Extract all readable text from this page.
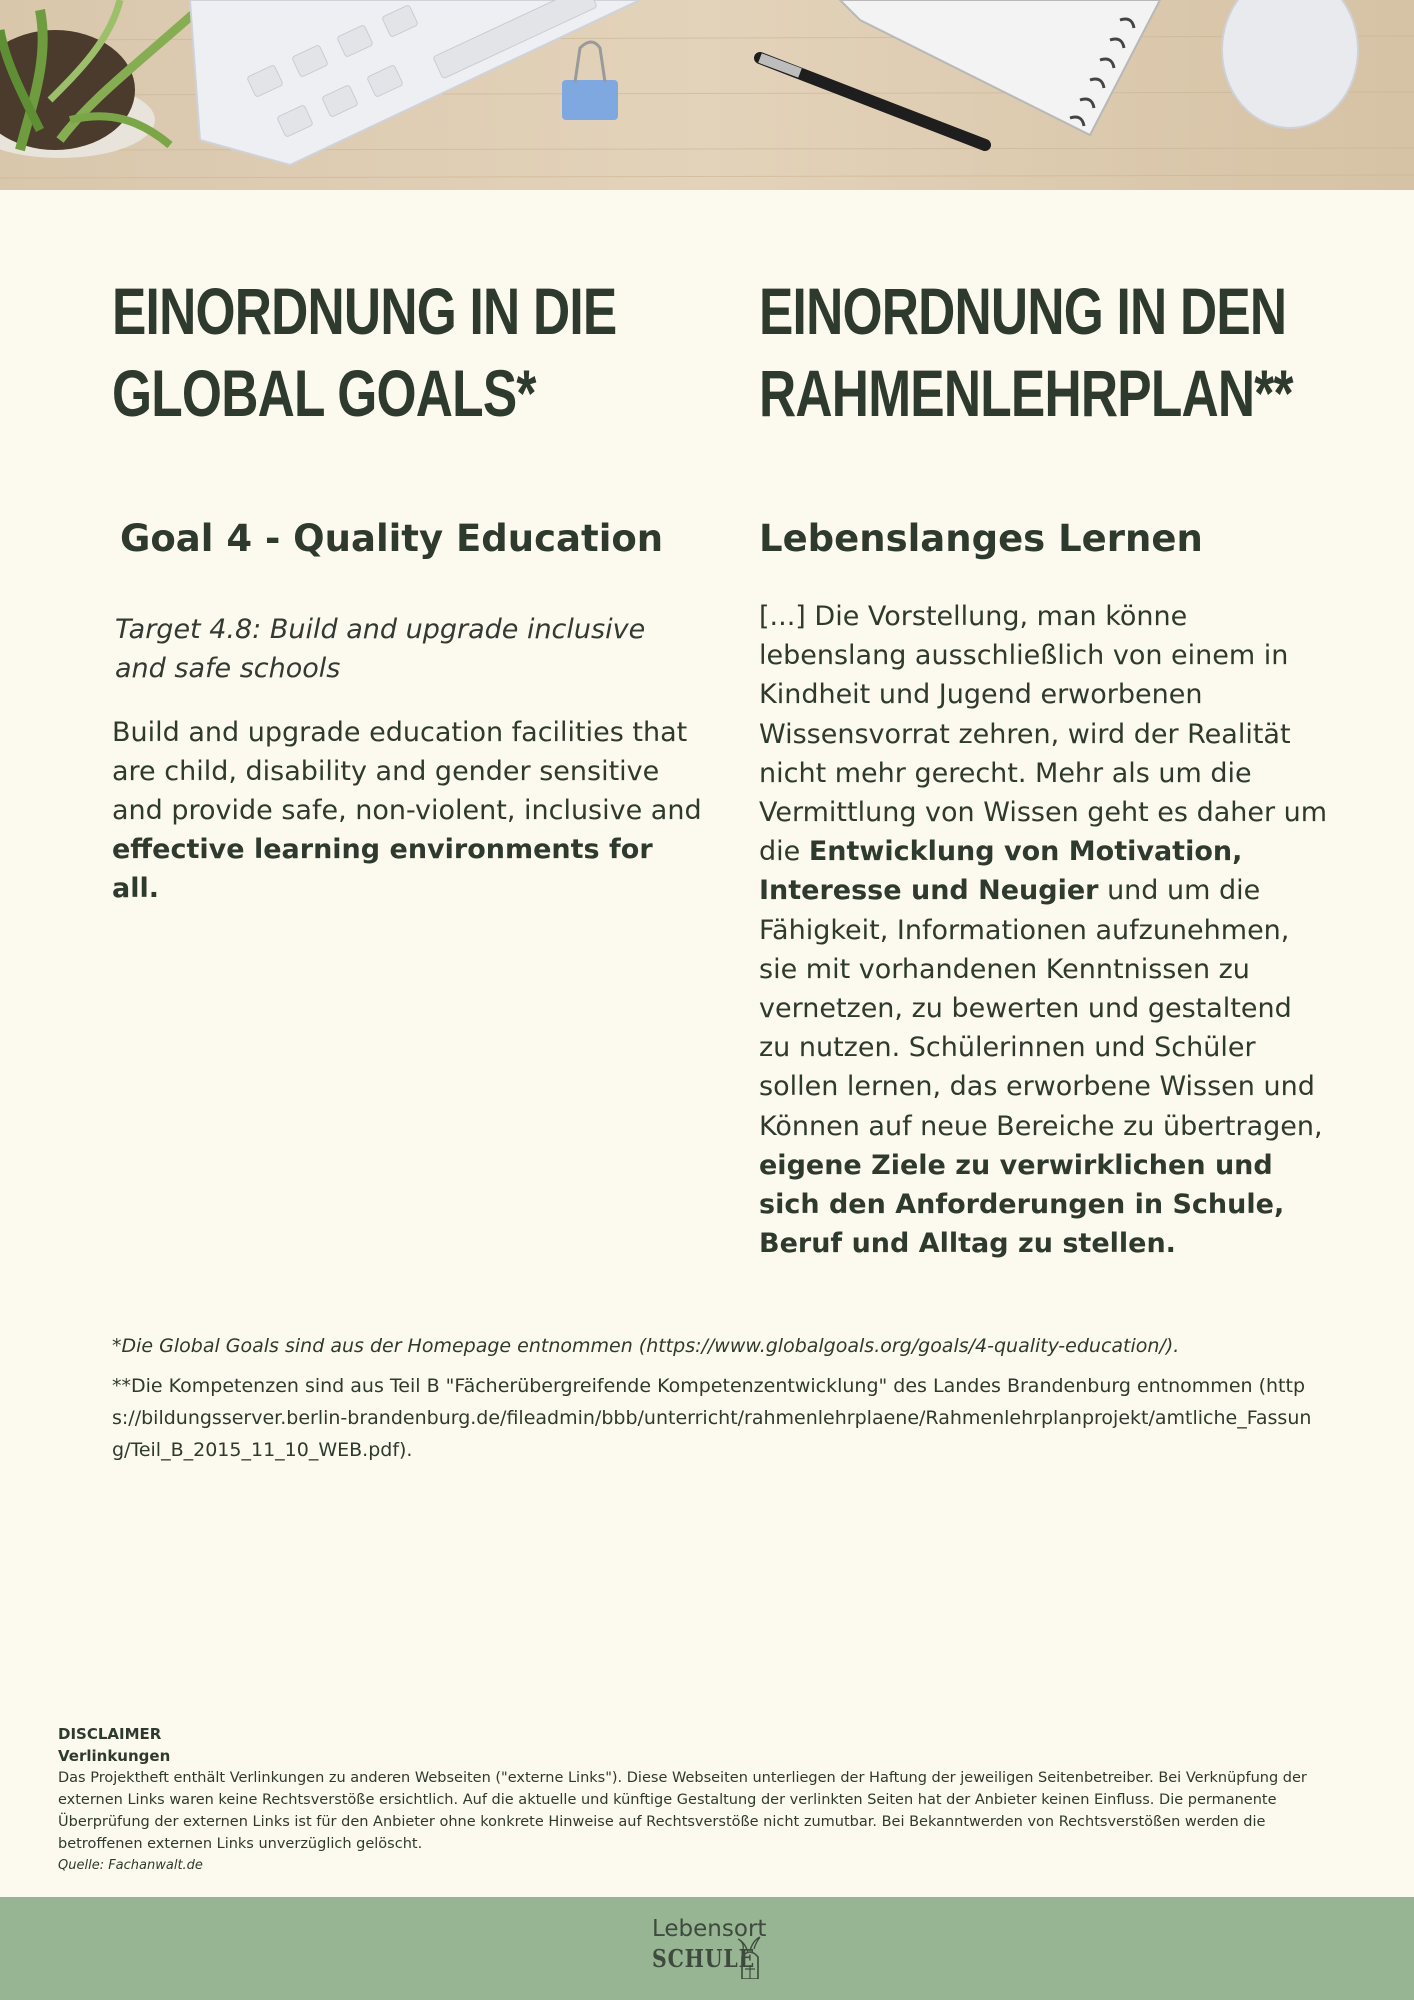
EINORDNUNG IN DIE
GLOBAL GOALS*
Goal 4 - Quality Education

Target 4.8: Build and upgrade inclusive and safe schools

Build and upgrade education facilities that are child, disability and gender sensitive and provide safe, non-violent, inclusive and effective learning environments for all.

EINORDNUNG IN DEN
RAHMENLEHRPLAN**
Lebenslanges Lernen

[...] Die Vorstellung, man könne lebenslang ausschließlich von einem in Kindheit und Jugend erworbenen Wissensvorrat zehren, wird der Realität nicht mehr gerecht. Mehr als um die Vermittlung von Wissen geht es daher um die Entwicklung von Motivation, Interesse und Neugier und um die Fähigkeit, Informationen aufzunehmen, sie mit vorhandenen Kenntnissen zu vernetzen, zu bewerten und gestaltend zu nutzen. Schülerinnen und Schüler sollen lernen, das erworbene Wissen und Können auf neue Bereiche zu übertragen, eigene Ziele zu verwirklichen und sich den Anforderungen in Schule, Beruf und Alltag zu stellen.

*Die Global Goals sind aus der Homepage entnommen (https://www.globalgoals.org/goals/4-quality-education/).

**Die Kompetenzen sind aus Teil B "Fächerübergreifende Kompetenzentwicklung" des Landes Brandenburg entnommen (https://bildungsserver.berlin-brandenburg.de/fileadmin/bbb/unterricht/rahmenlehrplaene/Rahmenlehrplanprojekt/amtliche_Fassung/Teil_B_2015_11_10_WEB.pdf).

DISCLAIMER

Verlinkungen

Das Projektheft enthält Verlinkungen zu anderen Webseiten ("externe Links"). Diese Webseiten unterliegen der Haftung der jeweiligen Seitenbetreiber. Bei Verknüpfung der externen Links waren keine Rechtsverstöße ersichtlich. Auf die aktuelle und künftige Gestaltung der verlinkten Seiten hat der Anbieter keinen Einfluss. Die permanente Überprüfung der externen Links ist für den Anbieter ohne konkrete Hinweise auf Rechtsverstöße nicht zumutbar. Bei Bekanntwerden von Rechtsverstößen werden die betroffenen externen Links unverzüglich gelöscht.

Quelle: Fachanwalt.de

Lebensort
SCHULE
